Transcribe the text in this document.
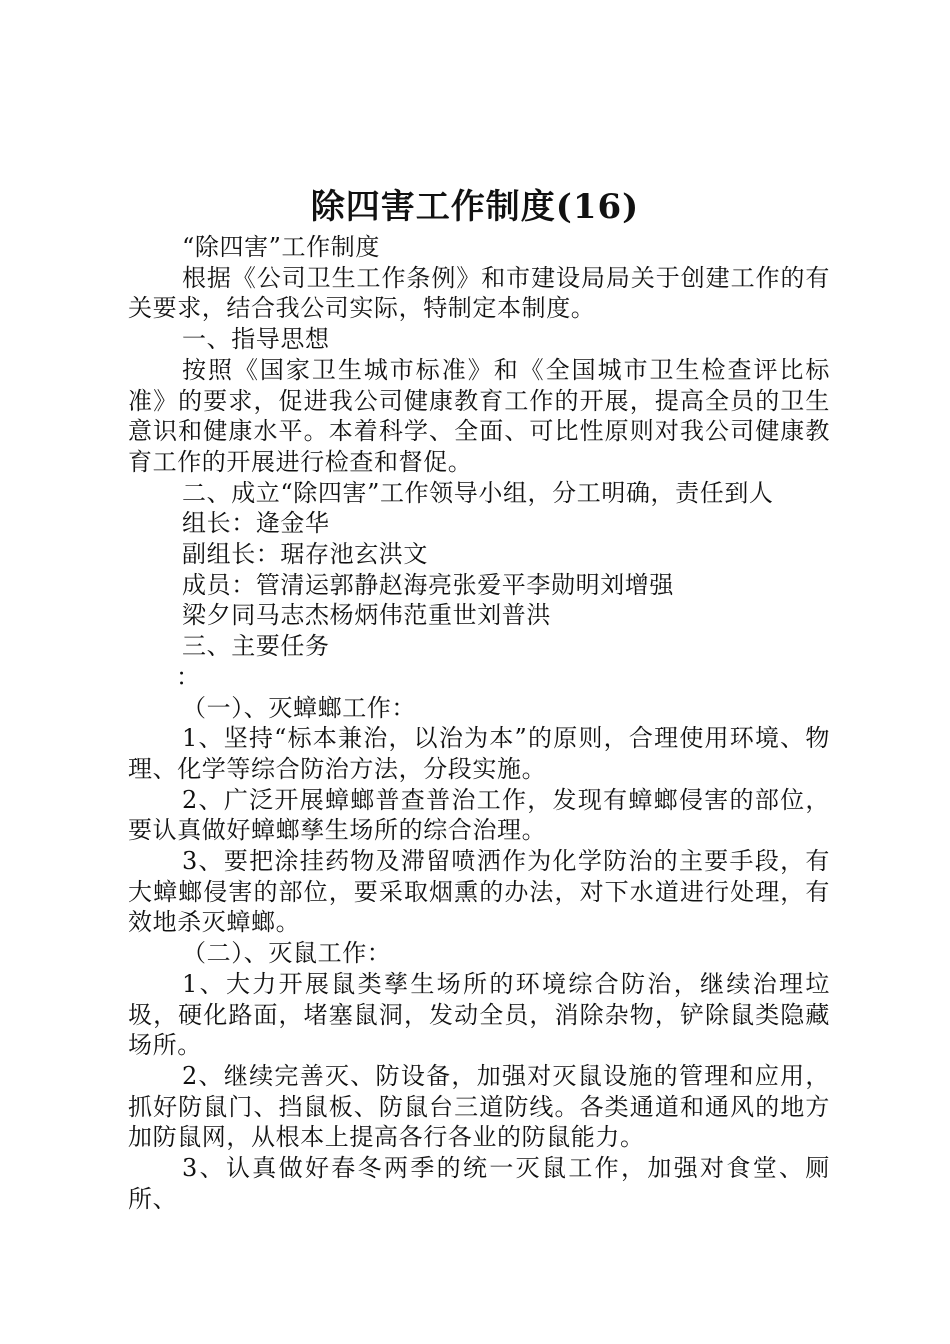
除四害工作制度(16)

“除四害”工作制度

根据《公司卫生工作条例》和市建设局局关于创建工作的有关要求，结合我公司实际，特制定本制度。

一、指导思想

按照《国家卫生城市标准》和《全国城市卫生检查评比标准》的要求，促进我公司健康教育工作的开展，提高全员的卫生意识和健康水平。本着科学、全面、可比性原则对我公司健康教育工作的开展进行检查和督促。

二、成立“除四害”工作领导小组，分工明确，责任到人

组长：逄金华

副组长：琚存池玄洪文

成员：管清运郭静赵海亮张爱平李勋明刘增强

梁夕同马志杰杨炳伟范重世刘普洪

三、主要任务

：

（一）、灭蟑螂工作：

1、坚持“标本兼治，以治为本”的原则，合理使用环境、物理、化学等综合防治方法，分段实施。

2、广泛开展蟑螂普查普治工作，发现有蟑螂侵害的部位，要认真做好蟑螂孳生场所的综合治理。

3、要把涂挂药物及滞留喷洒作为化学防治的主要手段，有大蟑螂侵害的部位，要采取烟熏的办法，对下水道进行处理，有效地杀灭蟑螂。

（二）、灭鼠工作：

1、大力开展鼠类孳生场所的环境综合防治，继续治理垃圾，硬化路面，堵塞鼠洞，发动全员，消除杂物，铲除鼠类隐藏场所。

2、继续完善灭、防设备，加强对灭鼠设施的管理和应用，抓好防鼠门、挡鼠板、防鼠台三道防线。各类通道和通风的地方加防鼠网，从根本上提高各行各业的防鼠能力。

3、认真做好春冬两季的统一灭鼠工作，加强对食堂、厕所、
